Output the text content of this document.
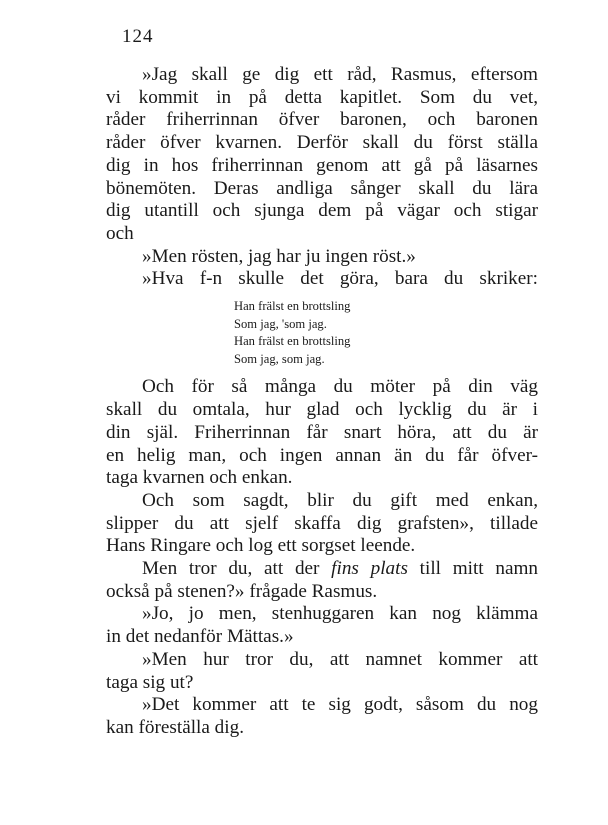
124

»Jag skall ge dig ett råd, Rasmus, eftersom
vi kommit in på detta kapitlet. Som du vet,
råder friherrinnan öfver baronen, och baronen
råder öfver kvarnen. Derför skall du först ställa
dig in hos friherrinnan genom att gå på läsarnes
bönemöten. Deras andliga sånger skall du lära
dig utantill och sjunga dem på vägar och stigar
och

»Men rösten, jag har ju ingen röst.»

»Hva f-n skulle det göra, bara du skriker:

Han frälst en brottsling
Som jag, 'som jag.
Han frälst en brottsling
Som jag, som jag.

Och för så många du möter på din väg
skall du omtala, hur glad och lycklig du är i
din själ. Friherrinnan får snart höra, att du är
en helig man, och ingen annan än du får öfver-
taga kvarnen och enkan.

Och som sagdt, blir du gift med enkan,
slipper du att sjelf skaffa dig grafsten», tillade
Hans Ringare och log ett sorgset leende.

Men tror du, att der fins plats till mitt namn
också på stenen?» frågade Rasmus.

»Jo, jo men, stenhuggaren kan nog klämma
in det nedanför Mättas.»

»Men hur tror du, att namnet kommer att
taga sig ut?

»Det kommer att te sig godt, såsom du nog
kan föreställa dig.
